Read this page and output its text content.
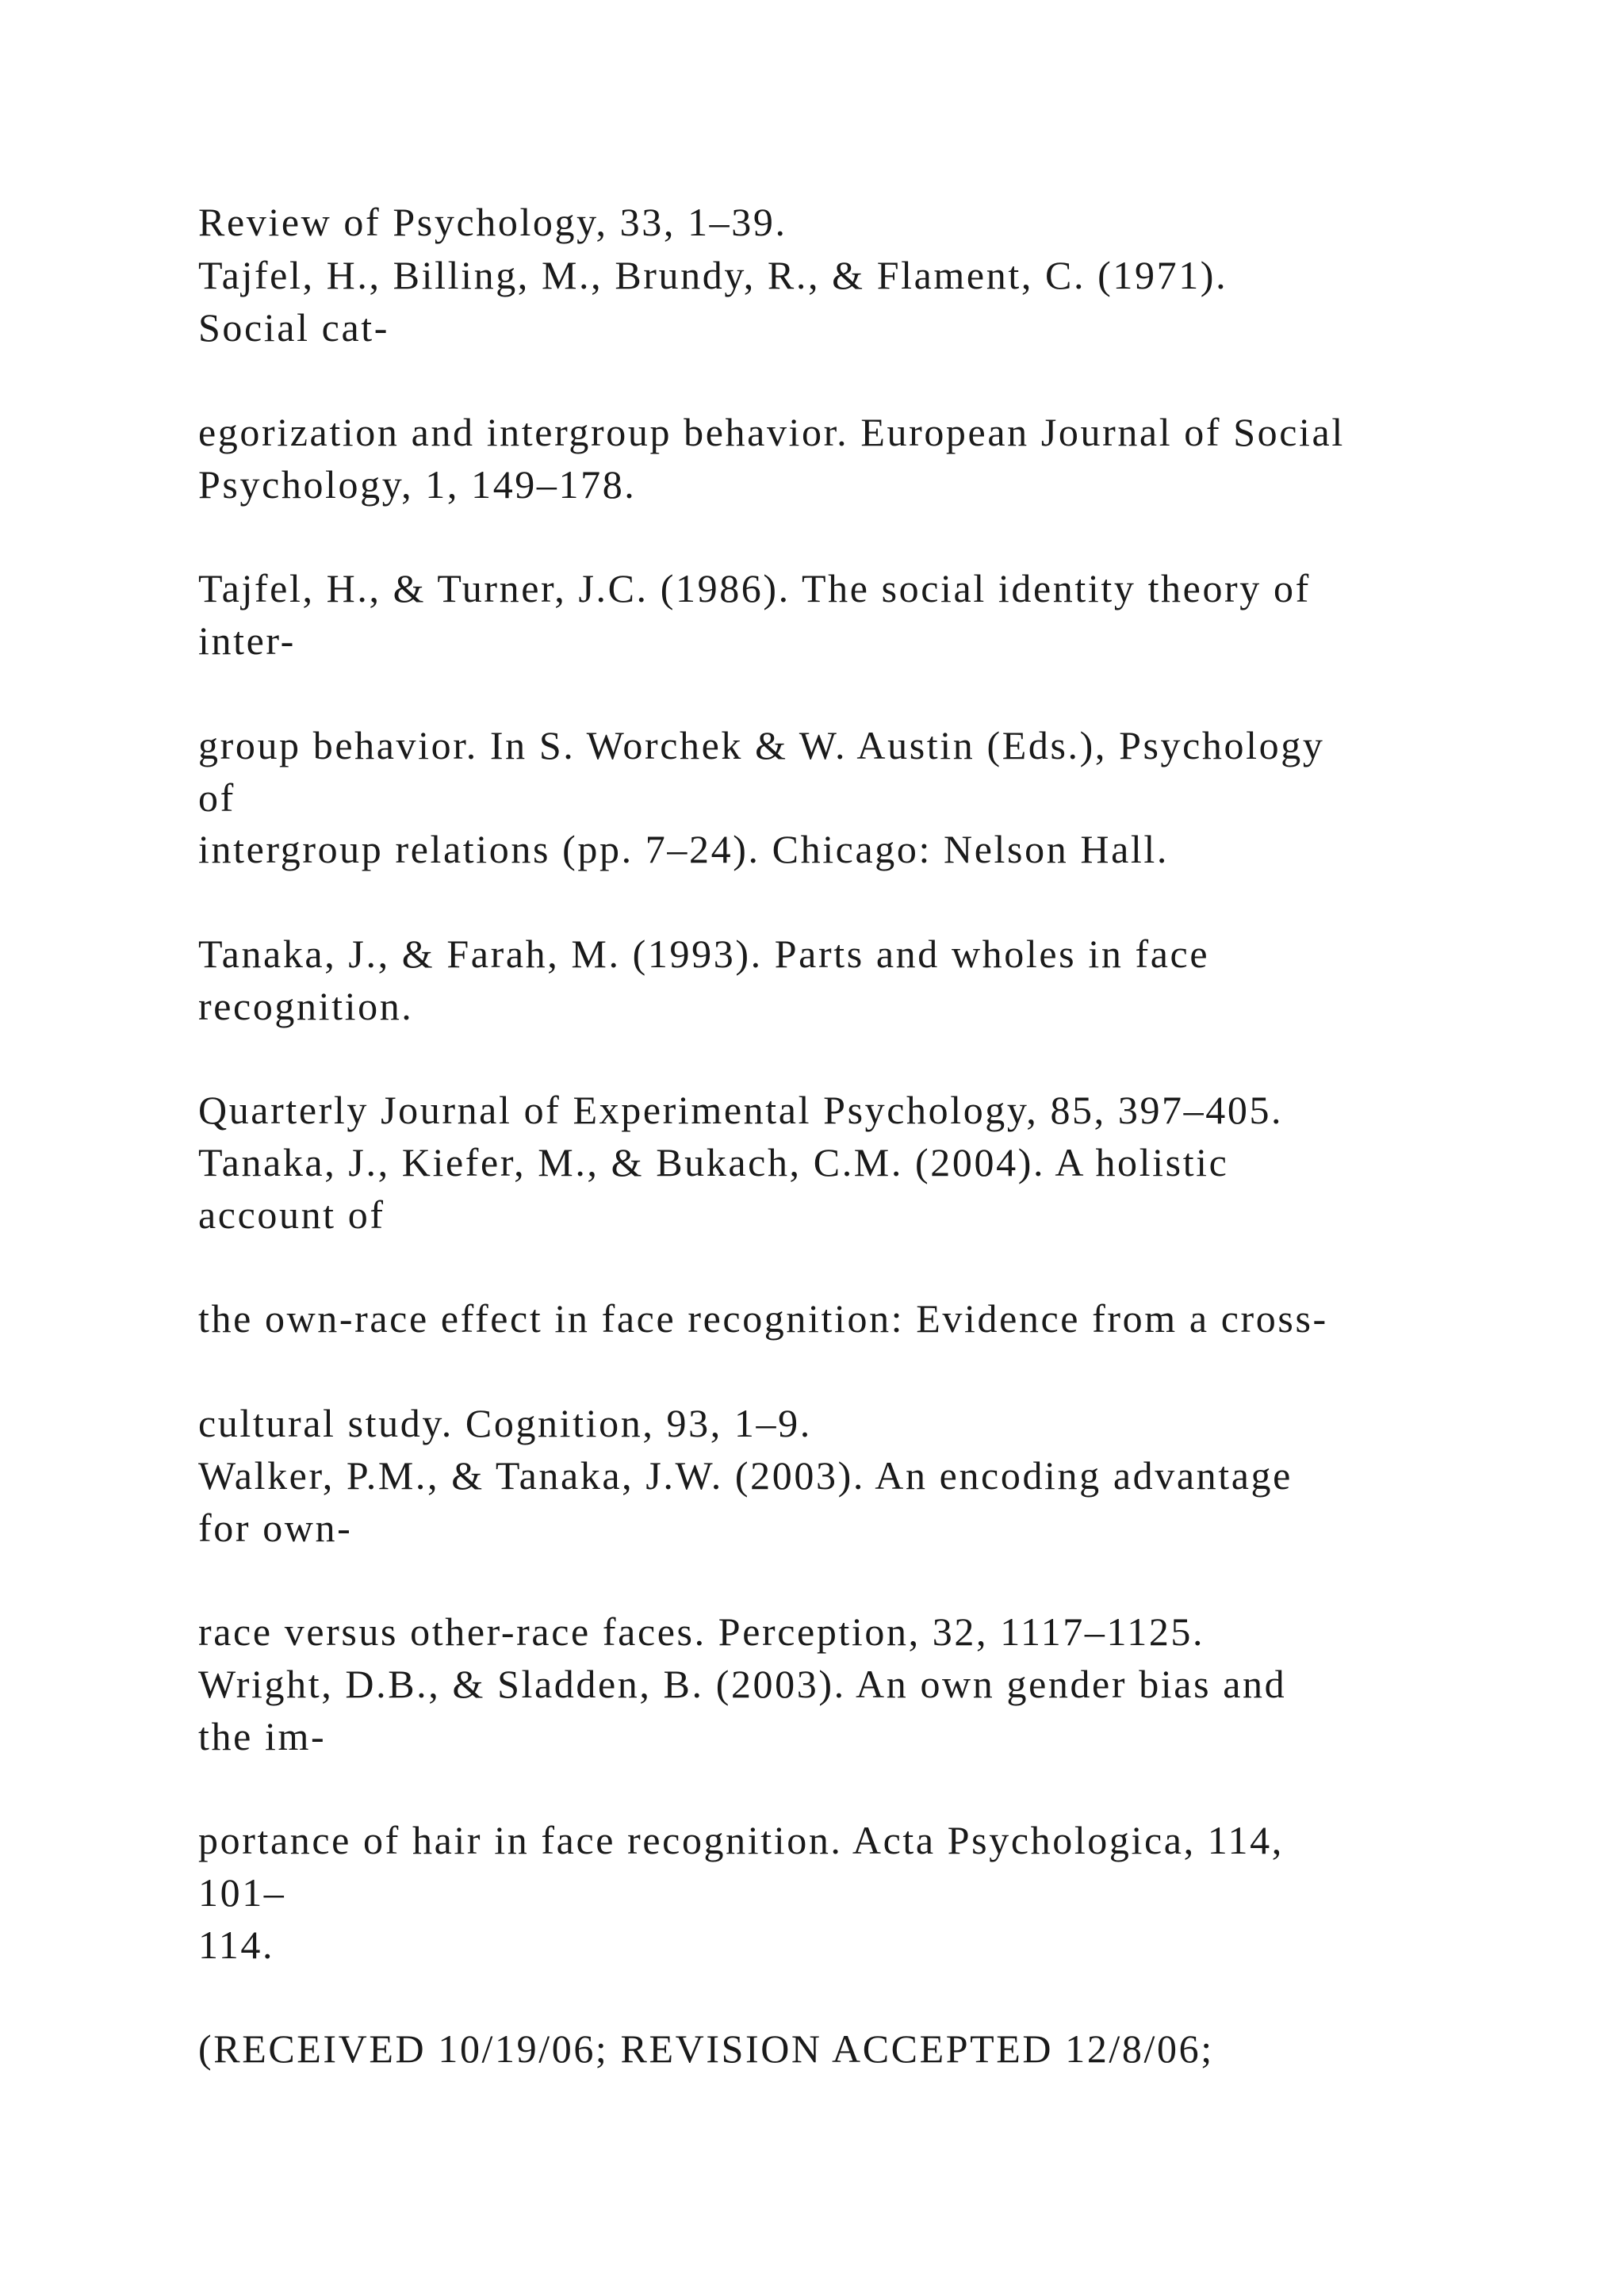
Review of Psychology, 33, 1–39.
Tajfel, H., Billing, M., Brundy, R., & Flament, C. (1971).
Social cat-
egorization and intergroup behavior. European Journal of Social
Psychology, 1, 149–178.
Tajfel, H., & Turner, J.C. (1986). The social identity theory of
inter-
group behavior. In S. Worchek & W. Austin (Eds.), Psychology
of
intergroup relations (pp. 7–24). Chicago: Nelson Hall.
Tanaka, J., & Farah, M. (1993). Parts and wholes in face
recognition.
Quarterly Journal of Experimental Psychology, 85, 397–405.
Tanaka, J., Kiefer, M., & Bukach, C.M. (2004). A holistic
account of
the own-race effect in face recognition: Evidence from a cross-
cultural study. Cognition, 93, 1–9.
Walker, P.M., & Tanaka, J.W. (2003). An encoding advantage
for own-
race versus other-race faces. Perception, 32, 1117–1125.
Wright, D.B., & Sladden, B. (2003). An own gender bias and
the im-
portance of hair in face recognition. Acta Psychologica, 114,
101–
114.
(RECEIVED 10/19/06; REVISION ACCEPTED 12/8/06;
